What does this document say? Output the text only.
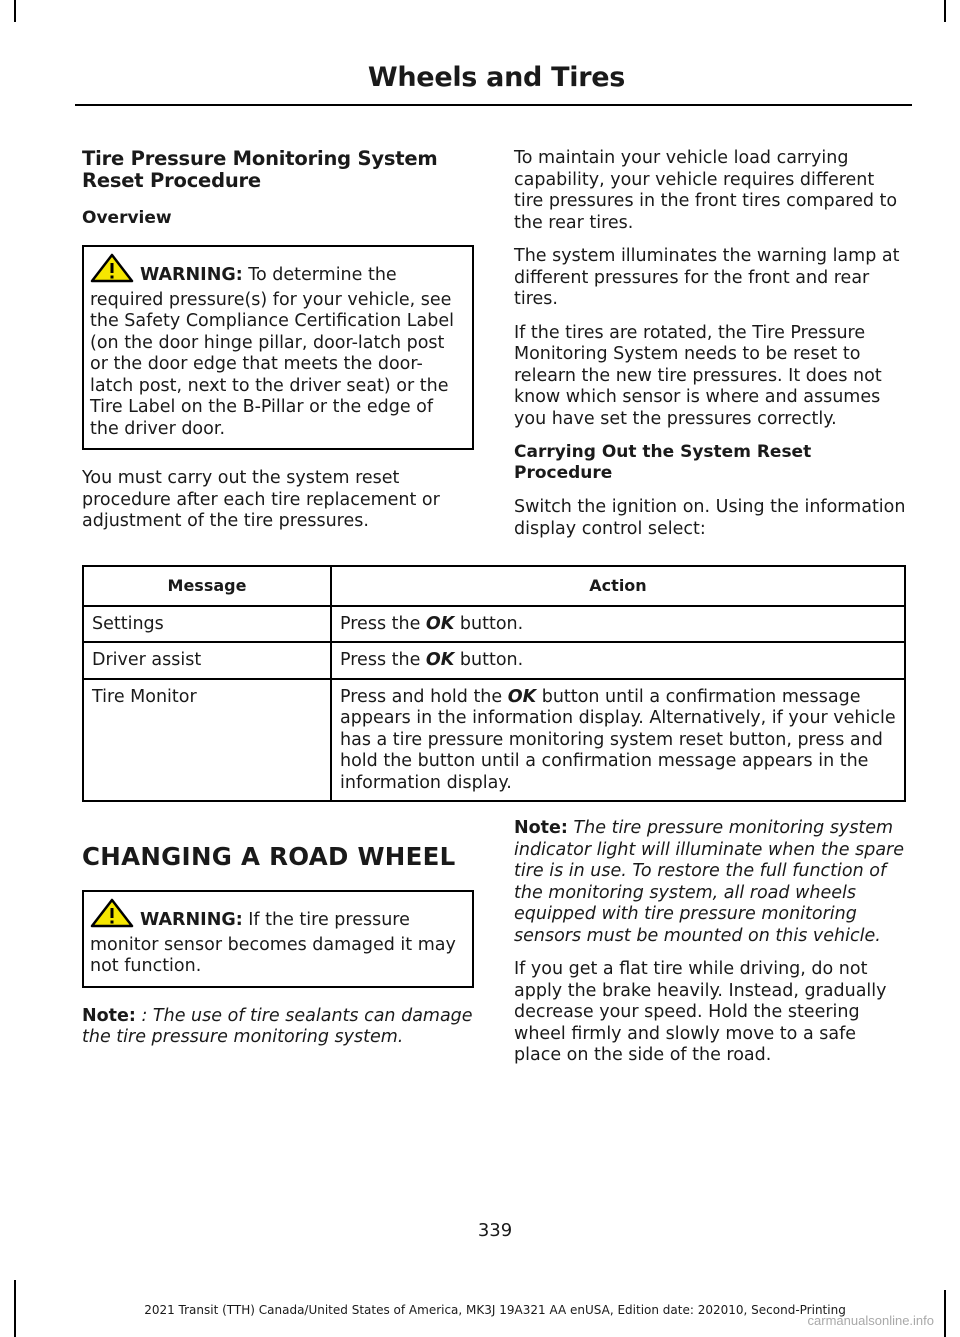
Wheels and Tires
Tire Pressure Monitoring System Reset Procedure
Overview

WARNING: To determine the required pressure(s) for your vehicle, see the Safety Compliance Certification Label (on the door hinge pillar, door-latch post or the door edge that meets the door-latch post, next to the driver seat) or the Tire Label on the B-Pillar or the edge of the driver door.

You must carry out the system reset procedure after each tire replacement or adjustment of the tire pressures.

To maintain your vehicle load carrying capability, your vehicle requires different tire pressures in the front tires compared to the rear tires.

The system illuminates the warning lamp at different pressures for the front and rear tires.

If the tires are rotated, the Tire Pressure Monitoring System needs to be reset to relearn the new tire pressures. It does not know which sensor is where and assumes you have set the pressures correctly.

Carrying Out the System Reset Procedure

Switch the ignition on. Using the information display control select:

Message	Action
Settings	Press the OK button.
Driver assist	Press the OK button.
Tire Monitor	Press and hold the OK button until a confirmation message appears in the information display. Alternatively, if your vehicle has a tire pressure monitoring system reset button, press and hold the button until a confirmation message appears in the information display.
CHANGING A ROAD WHEEL

WARNING: If the tire pressure monitor sensor becomes damaged it may not function.

Note: : The use of tire sealants can damage the tire pressure monitoring system.

Note: The tire pressure monitoring system indicator light will illuminate when the spare tire is in use. To restore the full function of the monitoring system, all road wheels equipped with tire pressure monitoring sensors must be mounted on this vehicle.

If you get a flat tire while driving, do not apply the brake heavily. Instead, gradually decrease your speed. Hold the steering wheel firmly and slowly move to a safe place on the side of the road.

339
2021 Transit (TTH) Canada/United States of America, MK3J 19A321 AA enUSA, Edition date: 202010, Second-Printing
carmanualsonline.info
